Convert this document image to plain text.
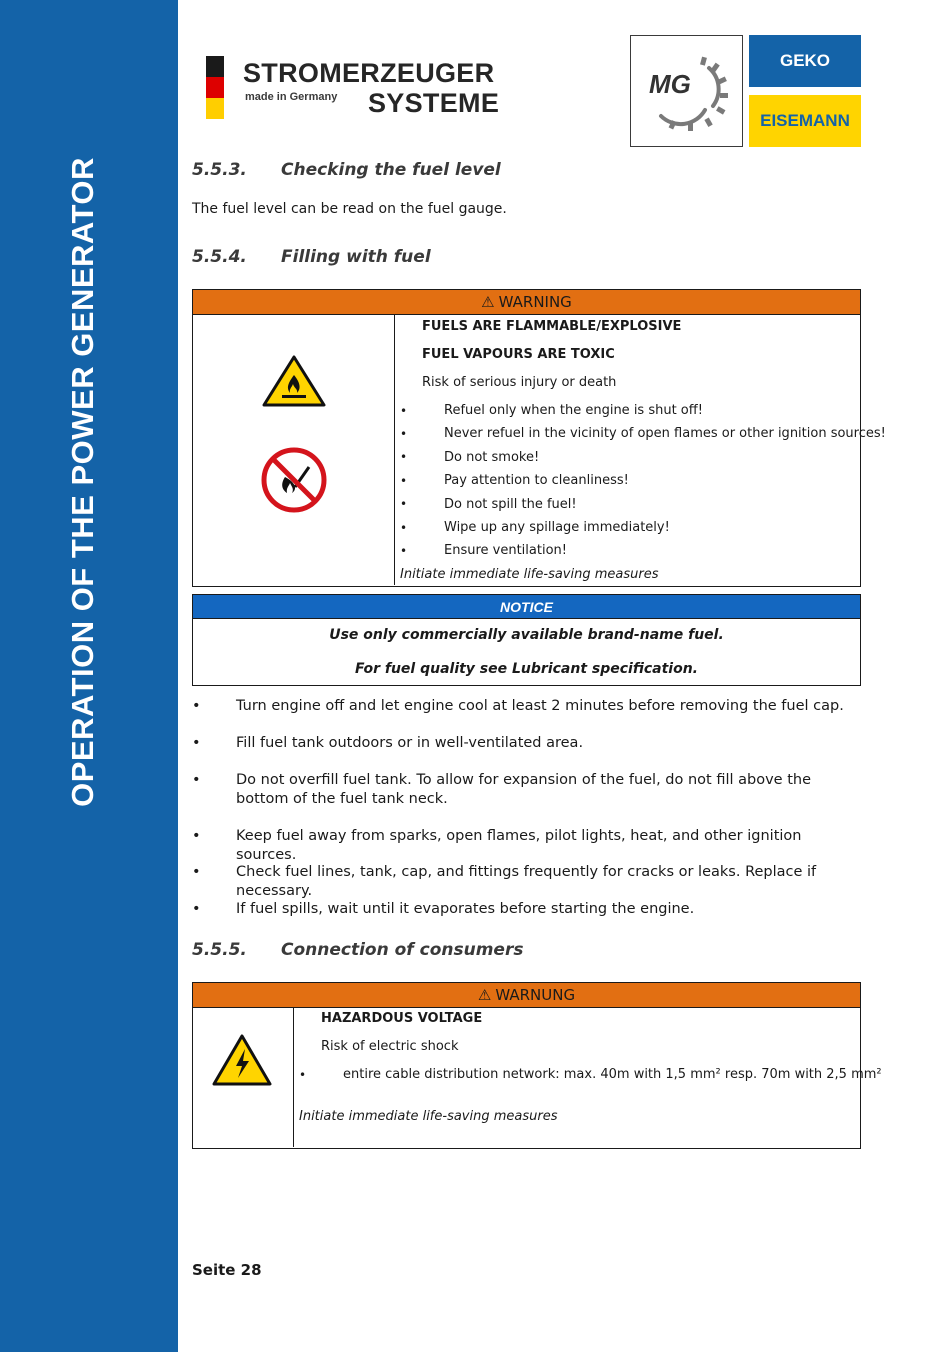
OPERATION OF THE POWER GENERATOR
STROMERZEUGER
made in Germany SYSTEME
MG
GEKO
EISEMANN
5.5.3. Checking the fuel level
The fuel level can be read on the fuel gauge.
5.5.4. Filling with fuel
⚠ WARNING
FUELS ARE FLAMMABLE/EXPLOSIVE
FUEL VAPOURS ARE TOXIC
Risk of serious injury or death
•	Refuel only when the engine is shut off!
•	Never refuel in the vicinity of open flames or other ignition sources!
•	Do not smoke!
•	Pay attention to cleanliness!
•	Do not spill the fuel!
•	Wipe up any spillage immediately!
•	Ensure ventilation!
Initiate immediate life-saving measures
NOTICE
Use only commercially available brand-name fuel.
For fuel quality see Lubricant specification.
• Turn engine off and let engine cool at least 2 minutes before removing the fuel cap.
• Fill fuel tank outdoors or in well-ventilated area.
• Do not overfill fuel tank. To allow for expansion of the fuel, do not fill above the bottom of the fuel tank neck.
• Keep fuel away from sparks, open flames, pilot lights, heat, and other ignition sources.
• Check fuel lines, tank, cap, and fittings frequently for cracks or leaks. Replace if necessary.
• If fuel spills, wait until it evaporates before starting the engine.
5.5.5. Connection of consumers
⚠ WARNUNG
HAZARDOUS VOLTAGE
Risk of electric shock
•	entire cable distribution network: max. 40m with 1,5 mm² resp. 70m with 2,5 mm²
Initiate immediate life-saving measures
Seite 28
